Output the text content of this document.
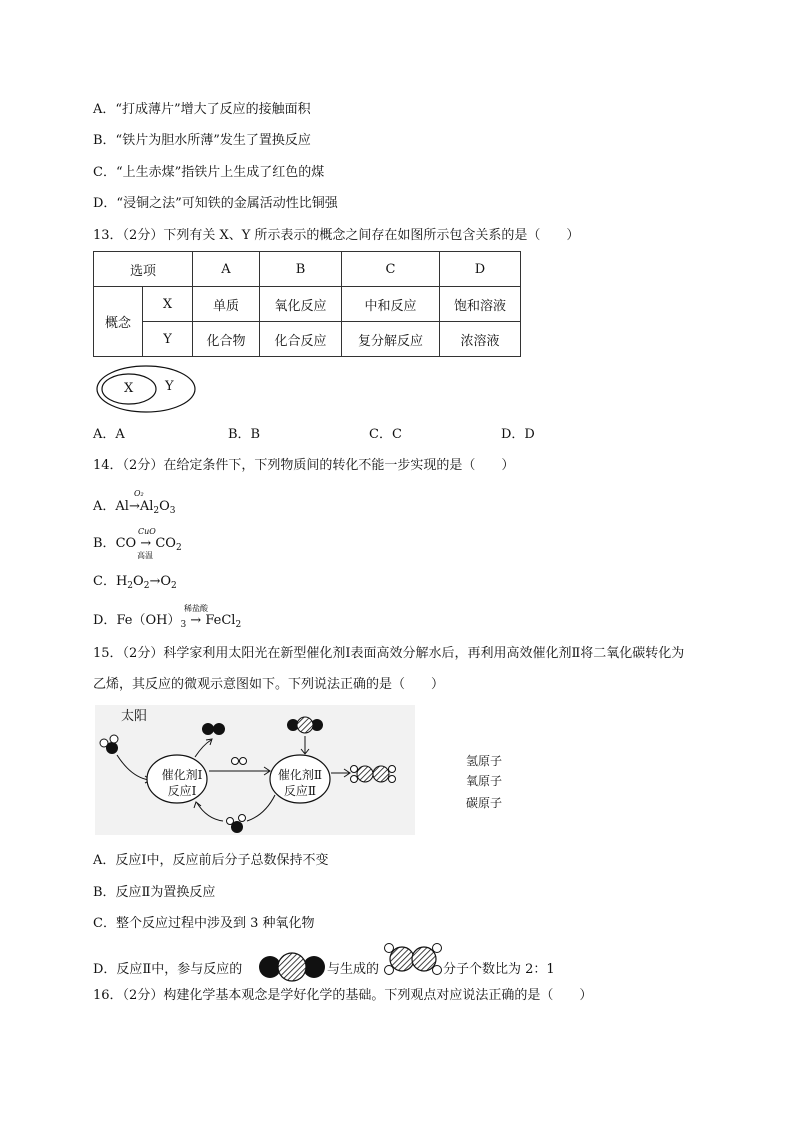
A．“打成薄片”增大了反应的接触面积
B．“铁片为胆水所薄”发生了置换反应
C．“上生赤煤”指铁片上生成了红色的煤
D．“浸铜之法”可知铁的金属活动性比铜强
13．（2分）下列有关 X、Y 所示表示的概念之间存在如图所示包含关系的是（　　）
选项		A	B	C	D
概念	X	单质	氧化反应	中和反应	饱和溶液
	Y	化合物	化合反应	复分解反应	浓溶液
X Y
A．A	B．B	C．C	D．D
14．（2分）在给定条件下，下列物质间的转化不能一步实现的是（　　）
O₂
A．$Al\to Al_2O_3$
CuO
B．CO → $CO_2$
高温
C．$H_2O_2\to O_2$
稀盐酸
D．$Fe(OH)_3$ → FeCl$_2$
15．（2分）科学家利用太阳光在新型催化剂Ⅰ表面高效分解水后，再利用高效催化剂Ⅱ将二氧化碳转化为
乙烯，其反应的微观示意图如下。下列说法正确的是（　　）
太阳
催化剂Ⅰ
反应Ⅰ
催化剂Ⅱ
反应Ⅱ
氢原子
氧原子
碳原子
A．反应Ⅰ中，反应前后分子总数保持不变
B．反应Ⅱ为置换反应
C．整个反应过程中涉及到 3 种氧化物
D．反应Ⅱ中，参与反应的	与生成的	分子个数比为 2：1
16．（2分）构建化学基本观念是学好化学的基础。下列观点对应说法正确的是（　　）
